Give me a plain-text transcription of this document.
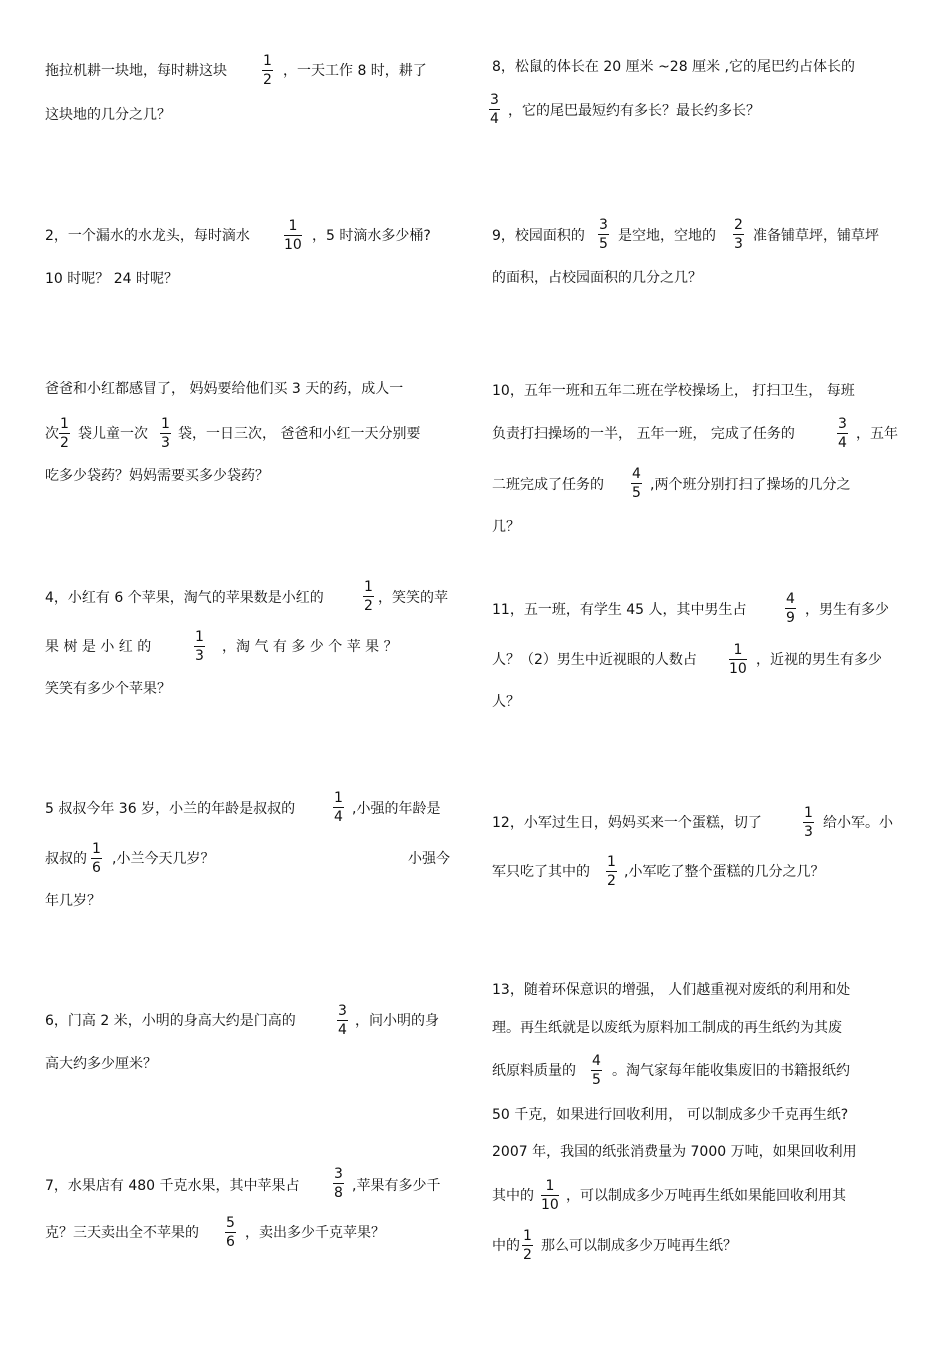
拖拉机耕一块地，每时耕这块	$\frac{1}{2}$ ，一天工作 8 时，耕了
这块地的几分之几？
2，一个漏水的水龙头，每时滴水 $\frac{1}{10}$ ，5 时滴水多少桶?
10 时呢？ 24 时呢？
爸爸和小红都感冒了， 妈妈要给他们买 3 天的药，成人一
次 $\frac{1}{2}$ 袋儿童一次 $\frac{1}{3}$ 袋，一日三次， 爸爸和小红一天分别要
吃多少袋药？妈妈需要买多少袋药？
4，小红有 6 个苹果，淘气的苹果数是小红的	$\frac{1}{2}$ ，笑笑的苹
果 树 是 小 红 的	$\frac{1}{3}$ ，淘 气 有 多 少 个 苹 果 ？
笑笑有多少个苹果？
5 叔叔今年 36 岁，小兰的年龄是叔叔的	$\frac{1}{4}$ ,小强的年龄是
叔叔的 $\frac{1}{6}$ ,小兰今天几岁？	小强今
年几岁？
6，门高 2 米，小明的身高大约是门高的	$\frac{3}{4}$ ，问小明的身
高大约多少厘米？
7，水果店有 480 千克水果，其中苹果占 $\frac{3}{8}$ ,苹果有多少千
克？三天卖出全不苹果的 $\frac{5}{6}$ ，卖出多少千克苹果？
8，松鼠的体长在 20 厘米 ~28 厘米 ,它的尾巴约占体长的
$\frac{3}{4}$ ，它的尾巴最短约有多长？最长约多长？
9，校园面积的 $\frac{3}{5}$ 是空地，空地的 $\frac{2}{3}$ 准备铺草坪，铺草坪
的面积，占校园面积的几分之几？
10，五年一班和五年二班在学校操场上， 打扫卫生， 每班
负责打扫操场的一半， 五年一班， 完成了任务的	$\frac{3}{4}$ ，五年
二班完成了任务的 $\frac{4}{5}$ ,两个班分别打扫了操场的几分之
几？
11，五一班，有学生 45 人，其中男生占	$\frac{4}{9}$ ，男生有多少
人？（2）男生中近视眼的人数占 $\frac{1}{10}$ ，近视的男生有多少
人？
12，小军过生日，妈妈买来一个蛋糕，切了	$\frac{1}{3}$ 给小军。小
军只吃了其中的 $\frac{1}{2}$ ,小军吃了整个蛋糕的几分之几？
13，随着环保意识的增强， 人们越重视对废纸的利用和处
理。再生纸就是以废纸为原料加工制成的再生纸约为其废
纸原料质量的 $\frac{4}{5}$ 。淘气家每年能收集废旧的书籍报纸约
50 千克，如果进行回收利用， 可以制成多少千克再生纸?
2007 年，我国的纸张消费量为 7000 万吨，如果回收利用
其中的 $\frac{1}{10}$ ，可以制成多少万吨再生纸如果能回收利用其
中的 $\frac{1}{2}$ 那么可以制成多少万吨再生纸？
